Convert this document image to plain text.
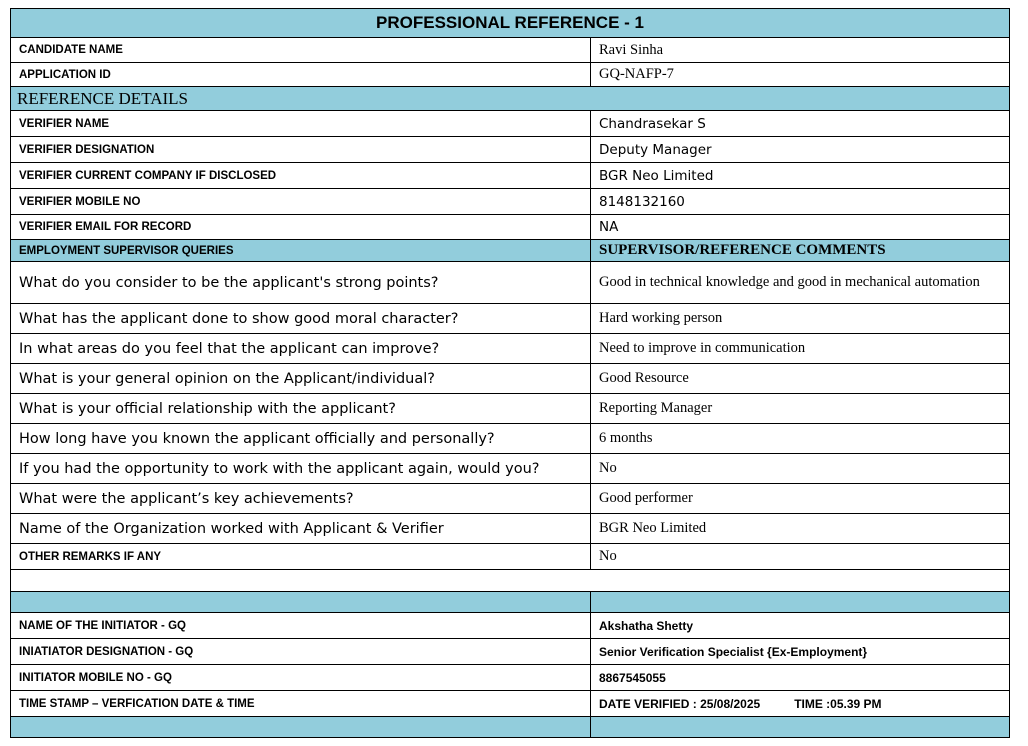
PROFESSIONAL REFERENCE - 1
CANDIDATE NAME	Ravi Sinha
APPLICATION ID	GQ-NAFP-7
REFERENCE DETAILS
VERIFIER NAME	Chandrasekar S
VERIFIER DESIGNATION	Deputy Manager
VERIFIER CURRENT COMPANY IF DISCLOSED	BGR Neo Limited
VERIFIER MOBILE NO	8148132160
VERIFIER EMAIL FOR RECORD	NA
EMPLOYMENT SUPERVISOR QUERIES	SUPERVISOR/REFERENCE COMMENTS
What do you consider to be the applicant's strong points?	Good in technical knowledge and good in mechanical automation
What has the applicant done to show good moral character?	Hard working person
In what areas do you feel that the applicant can improve?	Need to improve in communication
What is your general opinion on the Applicant/individual?	Good Resource
What is your official relationship with the applicant?	Reporting Manager
How long have you known the applicant officially and personally?	6 months
If you had the opportunity to work with the applicant again, would you?	No
What were the applicant’s key achievements?	Good performer
Name of the Organization worked with Applicant & Verifier	BGR Neo Limited
OTHER REMARKS IF ANY	No
NAME OF THE INITIATOR - GQ	Akshatha Shetty
INIATIATOR DESIGNATION - GQ	Senior Verification Specialist {Ex-Employment}
INITIATOR MOBILE NO - GQ	8867545055
TIME STAMP – VERFICATION DATE & TIME	DATE VERIFIED : 25/08/2025	TIME :05.39 PM
